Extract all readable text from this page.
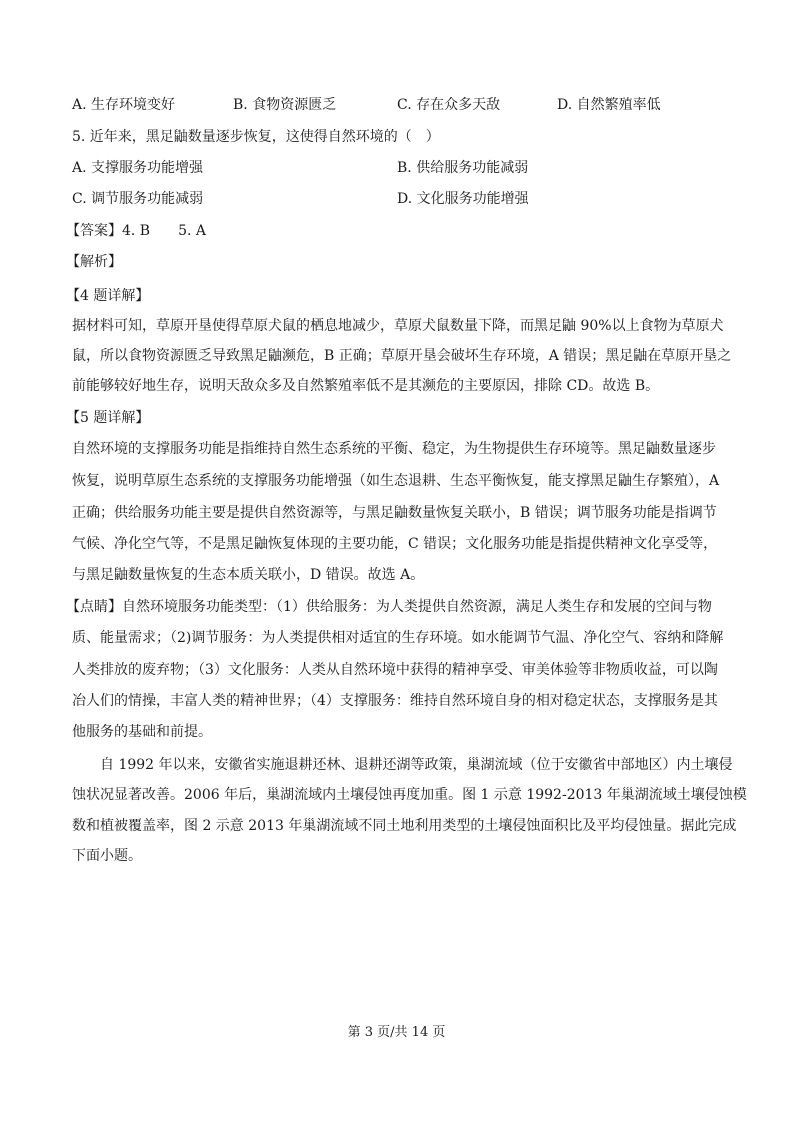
A. 生存环境变好	B. 食物资源匮乏	C. 存在众多天敌	D. 自然繁殖率低
5. 近年来，黑足鼬数量逐步恢复，这使得自然环境的（　）
A. 支撑服务功能增强	B. 供给服务功能减弱
C. 调节服务功能减弱	D. 文化服务功能增强
【答案】4. B　　5. A
【解析】
【4 题详解】
据材料可知，草原开垦使得草原犬鼠的栖息地减少，草原犬鼠数量下降，而黑足鼬 90%以上食物为草原犬
鼠，所以食物资源匮乏导致黑足鼬濒危，B 正确；草原开垦会破坏生存环境，A 错误；黑足鼬在草原开垦之
前能够较好地生存，说明天敌众多及自然繁殖率低不是其濒危的主要原因，排除 CD。故选 B。
【5 题详解】
自然环境的支撑服务功能是指维持自然生态系统的平衡、稳定，为生物提供生存环境等。黑足鼬数量逐步
恢复，说明草原生态系统的支撑服务功能增强（如生态退耕、生态平衡恢复，能支撑黑足鼬生存繁殖），A
正确；供给服务功能主要是提供自然资源等，与黑足鼬数量恢复关联小，B 错误；调节服务功能是指调节
气候、净化空气等，不是黑足鼬恢复体现的主要功能，C 错误；文化服务功能是指提供精神文化享受等，
与黑足鼬数量恢复的生态本质关联小，D 错误。故选 A。
【点睛】自然环境服务功能类型：（1）供给服务：为人类提供自然资源，满足人类生存和发展的空间与物
质、能量需求；（2)调节服务：为人类提供相对适宜的生存环境。如水能调节气温、净化空气、容纳和降解
人类排放的废弃物；（3）文化服务：人类从自然环境中获得的精神享受、审美体验等非物质收益，可以陶
冶人们的情操，丰富人类的精神世界；（4）支撑服务：维持自然环境自身的相对稳定状态，支撑服务是其
他服务的基础和前提。
　　自 1992 年以来，安徽省实施退耕还林、退耕还湖等政策，巢湖流域（位于安徽省中部地区）内土壤侵
蚀状况显著改善。2006 年后，巢湖流域内土壤侵蚀再度加重。图 1 示意 1992-2013 年巢湖流域土壤侵蚀模
数和植被覆盖率，图 2 示意 2013 年巢湖流域不同土地利用类型的土壤侵蚀面积比及平均侵蚀量。据此完成
下面小题。
第 3 页/共 14 页
